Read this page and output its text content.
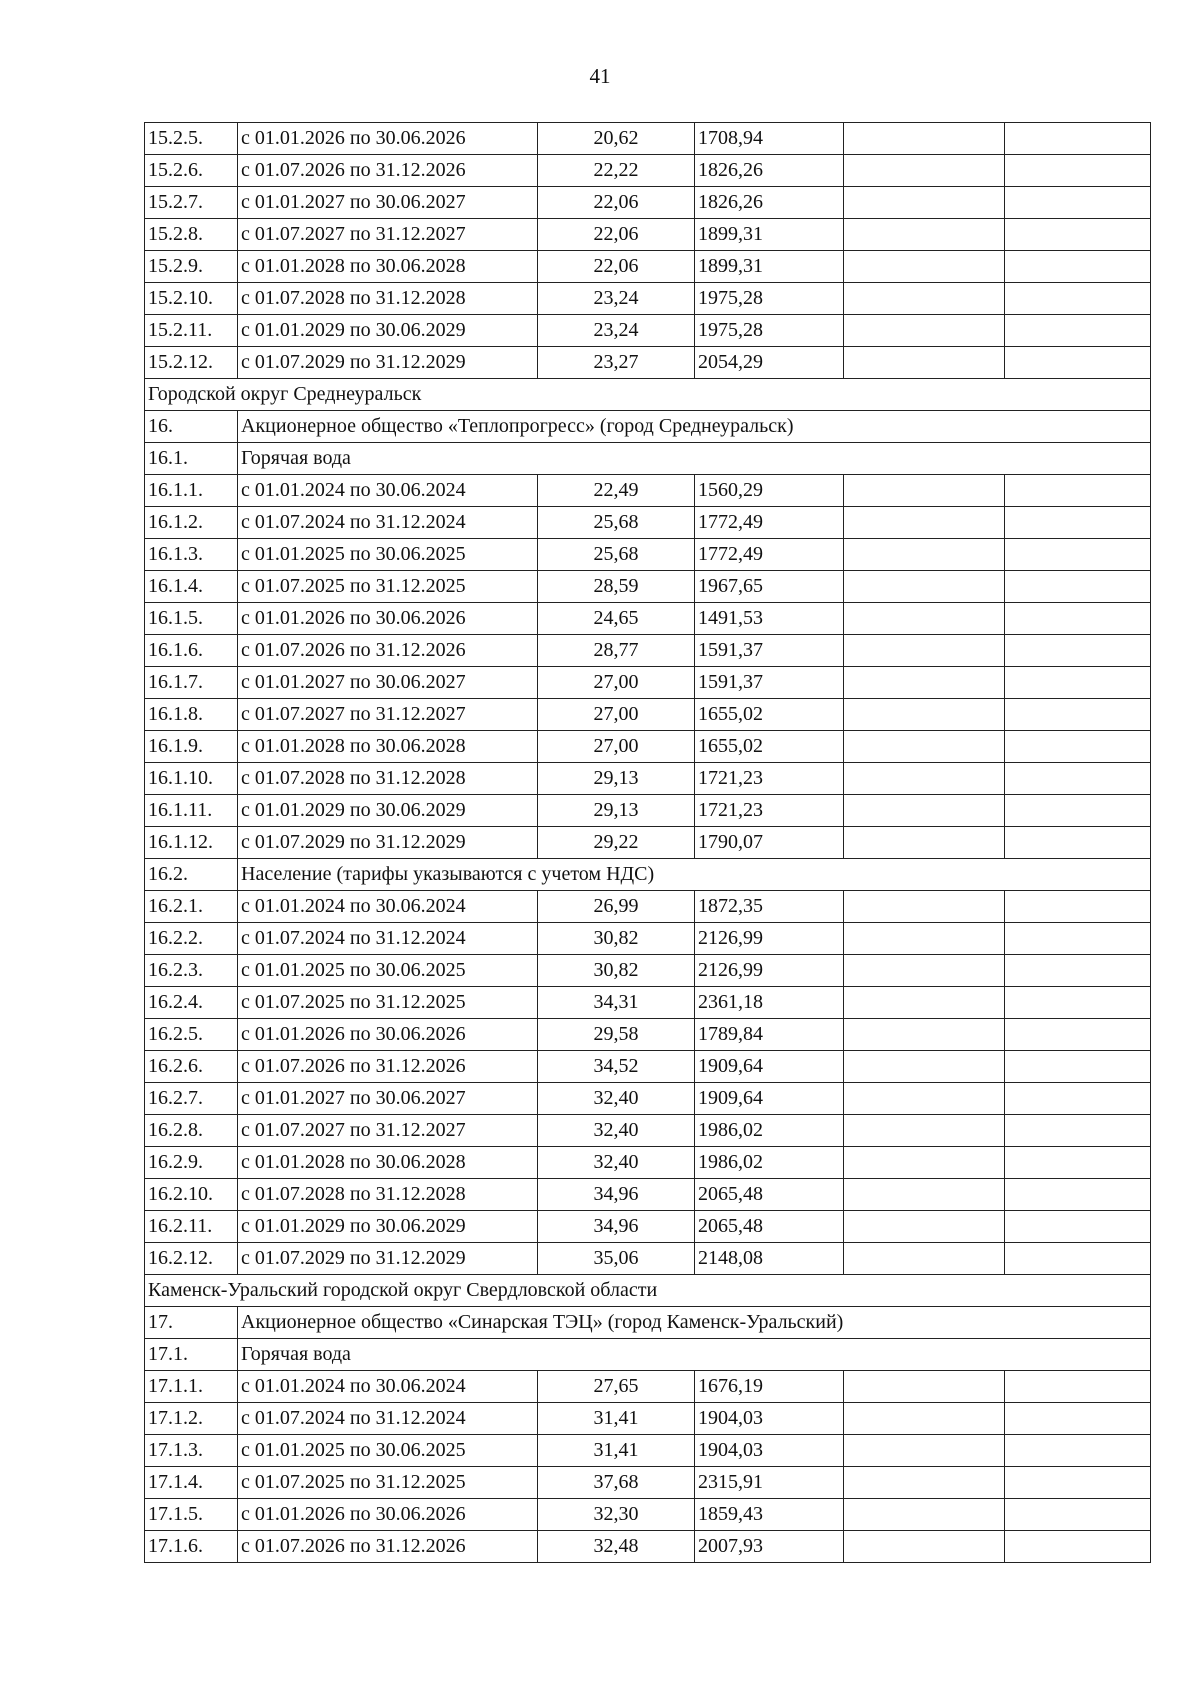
41
15.2.5.	с 01.01.2026 по 30.06.2026	20,62	1708,94		
15.2.6.	с 01.07.2026 по 31.12.2026	22,22	1826,26		
15.2.7.	с 01.01.2027 по 30.06.2027	22,06	1826,26		
15.2.8.	с 01.07.2027 по 31.12.2027	22,06	1899,31		
15.2.9.	с 01.01.2028 по 30.06.2028	22,06	1899,31		
15.2.10.	с 01.07.2028 по 31.12.2028	23,24	1975,28		
15.2.11.	с 01.01.2029 по 30.06.2029	23,24	1975,28		
15.2.12.	с 01.07.2029 по 31.12.2029	23,27	2054,29		
Городской округ Среднеуральск					
16.	Акционерное общество «Теплопрогресс» (город Среднеуральск)				
16.1.	Горячая вода				
16.1.1.	с 01.01.2024 по 30.06.2024	22,49	1560,29		
16.1.2.	с 01.07.2024 по 31.12.2024	25,68	1772,49		
16.1.3.	с 01.01.2025 по 30.06.2025	25,68	1772,49		
16.1.4.	с 01.07.2025 по 31.12.2025	28,59	1967,65		
16.1.5.	с 01.01.2026 по 30.06.2026	24,65	1491,53		
16.1.6.	с 01.07.2026 по 31.12.2026	28,77	1591,37		
16.1.7.	с 01.01.2027 по 30.06.2027	27,00	1591,37		
16.1.8.	с 01.07.2027 по 31.12.2027	27,00	1655,02		
16.1.9.	с 01.01.2028 по 30.06.2028	27,00	1655,02		
16.1.10.	с 01.07.2028 по 31.12.2028	29,13	1721,23		
16.1.11.	с 01.01.2029 по 30.06.2029	29,13	1721,23		
16.1.12.	с 01.07.2029 по 31.12.2029	29,22	1790,07		
16.2.	Население (тарифы указываются с учетом НДС)				
16.2.1.	с 01.01.2024 по 30.06.2024	26,99	1872,35		
16.2.2.	с 01.07.2024 по 31.12.2024	30,82	2126,99		
16.2.3.	с 01.01.2025 по 30.06.2025	30,82	2126,99		
16.2.4.	с 01.07.2025 по 31.12.2025	34,31	2361,18		
16.2.5.	с 01.01.2026 по 30.06.2026	29,58	1789,84		
16.2.6.	с 01.07.2026 по 31.12.2026	34,52	1909,64		
16.2.7.	с 01.01.2027 по 30.06.2027	32,40	1909,64		
16.2.8.	с 01.07.2027 по 31.12.2027	32,40	1986,02		
16.2.9.	с 01.01.2028 по 30.06.2028	32,40	1986,02		
16.2.10.	с 01.07.2028 по 31.12.2028	34,96	2065,48		
16.2.11.	с 01.01.2029 по 30.06.2029	34,96	2065,48		
16.2.12.	с 01.07.2029 по 31.12.2029	35,06	2148,08		
Каменск-Уральский городской округ Свердловской области					
17.	Акционерное общество «Синарская ТЭЦ» (город Каменск-Уральский)				
17.1.	Горячая вода				
17.1.1.	с 01.01.2024 по 30.06.2024	27,65	1676,19		
17.1.2.	с 01.07.2024 по 31.12.2024	31,41	1904,03		
17.1.3.	с 01.01.2025 по 30.06.2025	31,41	1904,03		
17.1.4.	с 01.07.2025 по 31.12.2025	37,68	2315,91		
17.1.5.	с 01.01.2026 по 30.06.2026	32,30	1859,43		
17.1.6.	с 01.07.2026 по 31.12.2026	32,48	2007,93		
